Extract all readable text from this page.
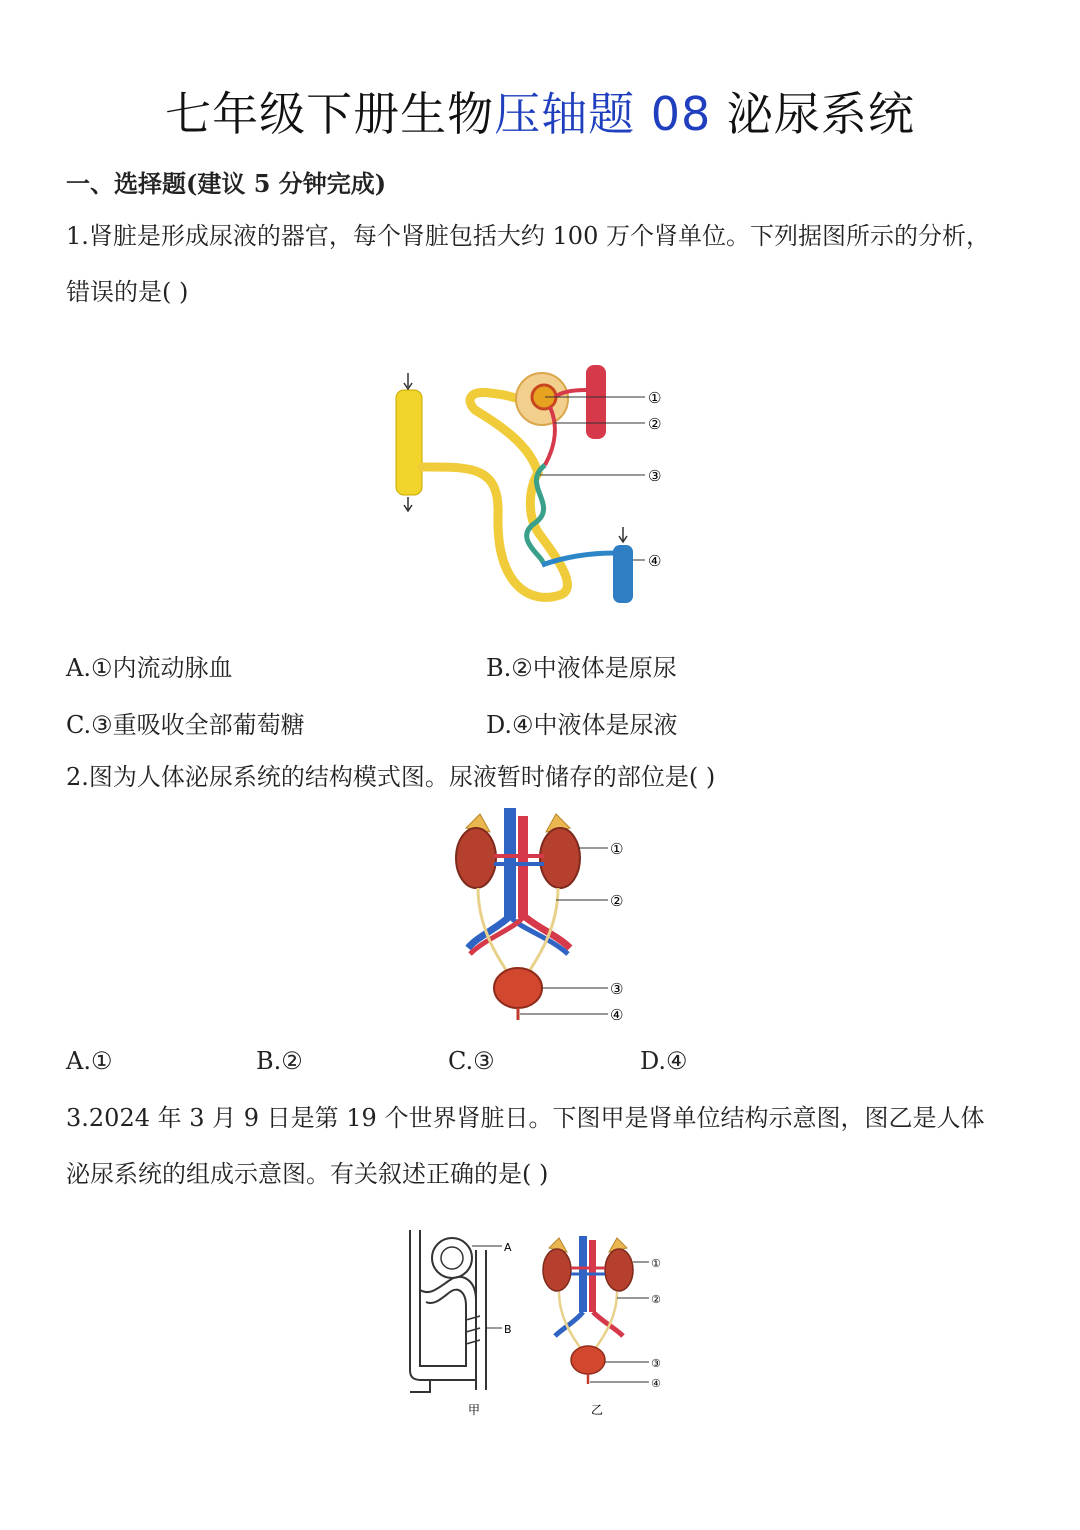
七年级下册生物压轴题 08 泌尿系统
一、选择题(建议 5 分钟完成)
1.肾脏是形成尿液的器官，每个肾脏包括大约 100 万个肾单位。下列据图所示的分析，
错误的是( )
①
②
③
④
A.①内流动脉血	B.②中液体是原尿
C.③重吸收全部葡萄糖	D.④中液体是尿液
2.图为人体泌尿系统的结构模式图。尿液暂时储存的部位是( )
①
②
③
④
A.①	B.②	C.③	D.④
3.2024 年 3 月 9 日是第 19 个世界肾脏日。下图甲是肾单位结构示意图，图乙是人体
泌尿系统的组成示意图。有关叙述正确的是( )
A
B
甲
①
②
③
④
乙
